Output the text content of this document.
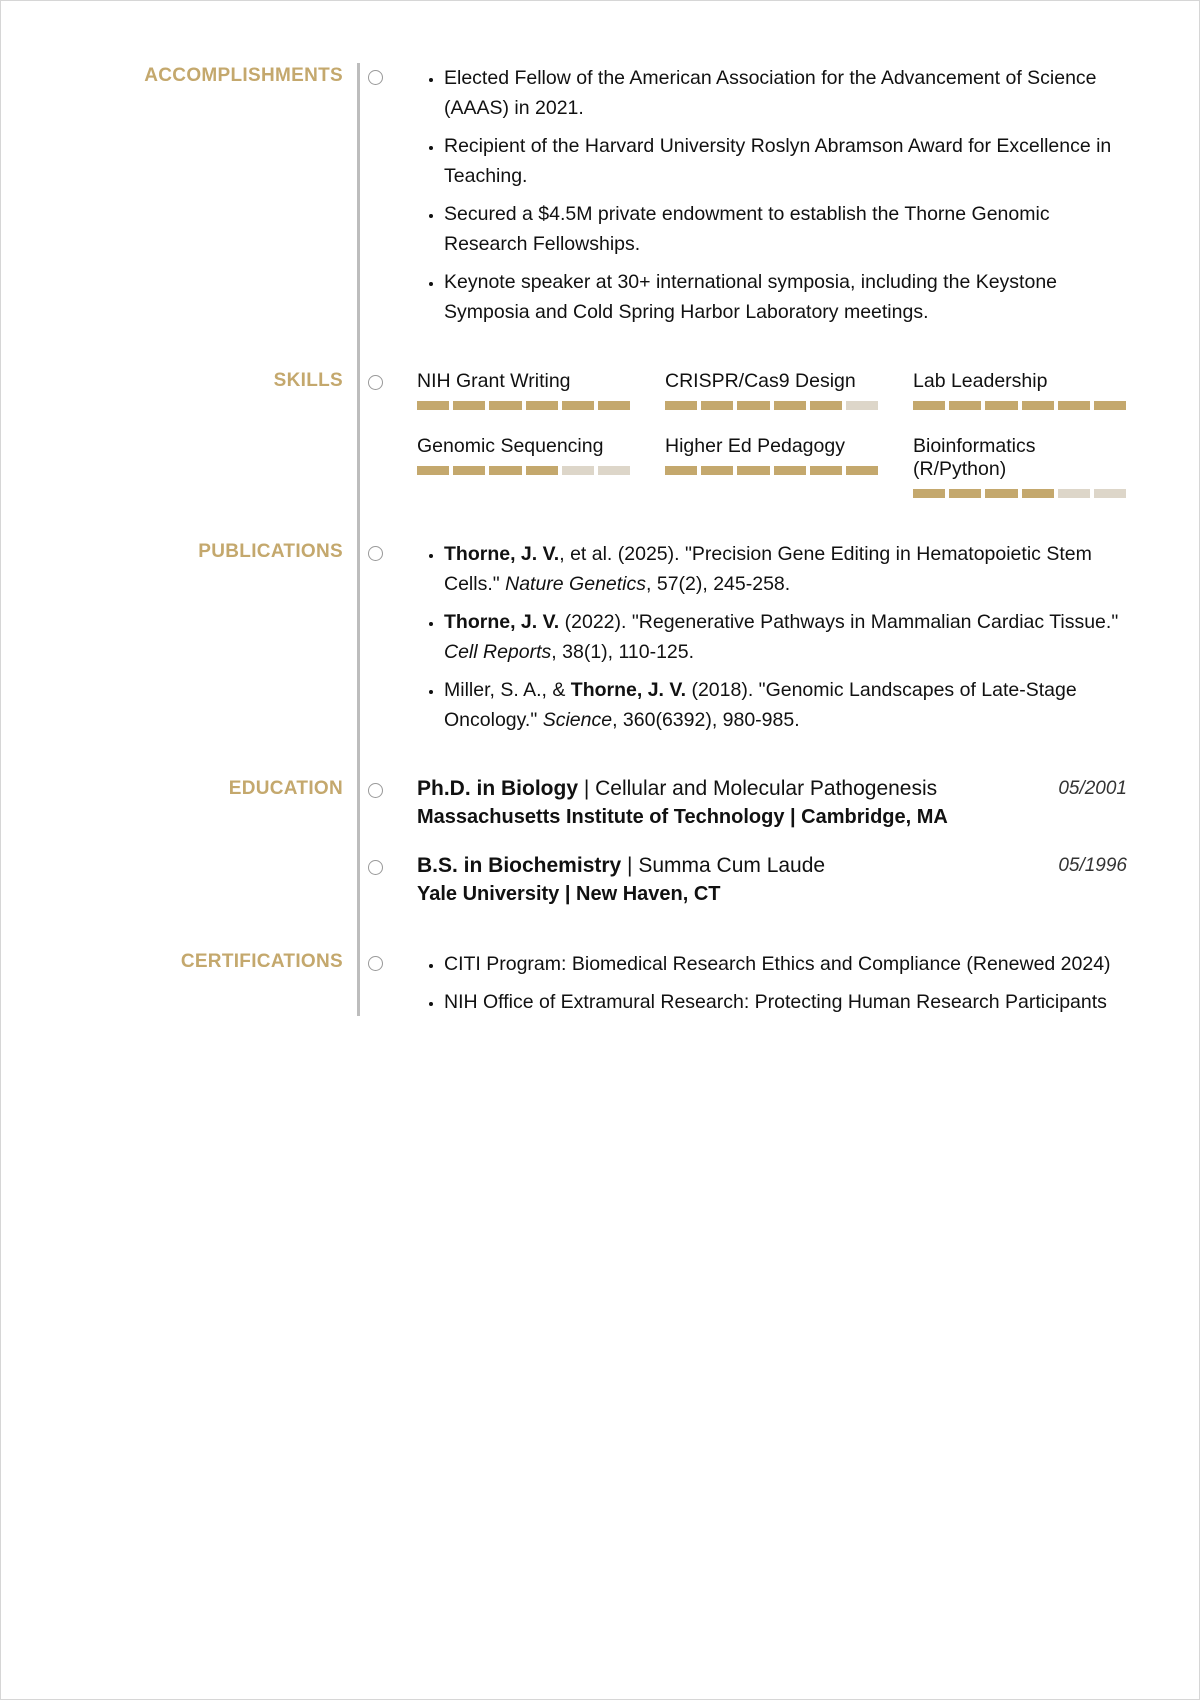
ACCOMPLISHMENTS	• Elected Fellow of the American Association for the Advancement of Science (AAAS) in 2021.
• Recipient of the Harvard University Roslyn Abramson Award for Excellence in Teaching.
• Secured a $4.5M private endowment to establish the Thorne Genomic Research Fellowships.
• Keynote speaker at 30+ international symposia, including the Keystone Symposia and Cold Spring Harbor Laboratory meetings.
SKILLS	NIH Grant Writing	CRISPR/Cas9 Design	Lab Leadership
Genomic Sequencing	Higher Ed Pedagogy	Bioinformatics (R/Python)
PUBLICATIONS	• Thorne, J. V., et al. (2025). "Precision Gene Editing in Hematopoietic Stem Cells." Nature Genetics, 57(2), 245-258.
• Thorne, J. V. (2022). "Regenerative Pathways in Mammalian Cardiac Tissue." Cell Reports, 38(1), 110-125.
• Miller, S. A., & Thorne, J. V. (2018). "Genomic Landscapes of Late-Stage Oncology." Science, 360(6392), 980-985.
EDUCATION	Ph.D. in Biology | Cellular and Molecular Pathogenesis	05/2001
Massachusetts Institute of Technology | Cambridge, MA
B.S. in Biochemistry | Summa Cum Laude	05/1996
Yale University | New Haven, CT
CERTIFICATIONS	• CITI Program: Biomedical Research Ethics and Compliance (Renewed 2024)
• NIH Office of Extramural Research: Protecting Human Research Participants
